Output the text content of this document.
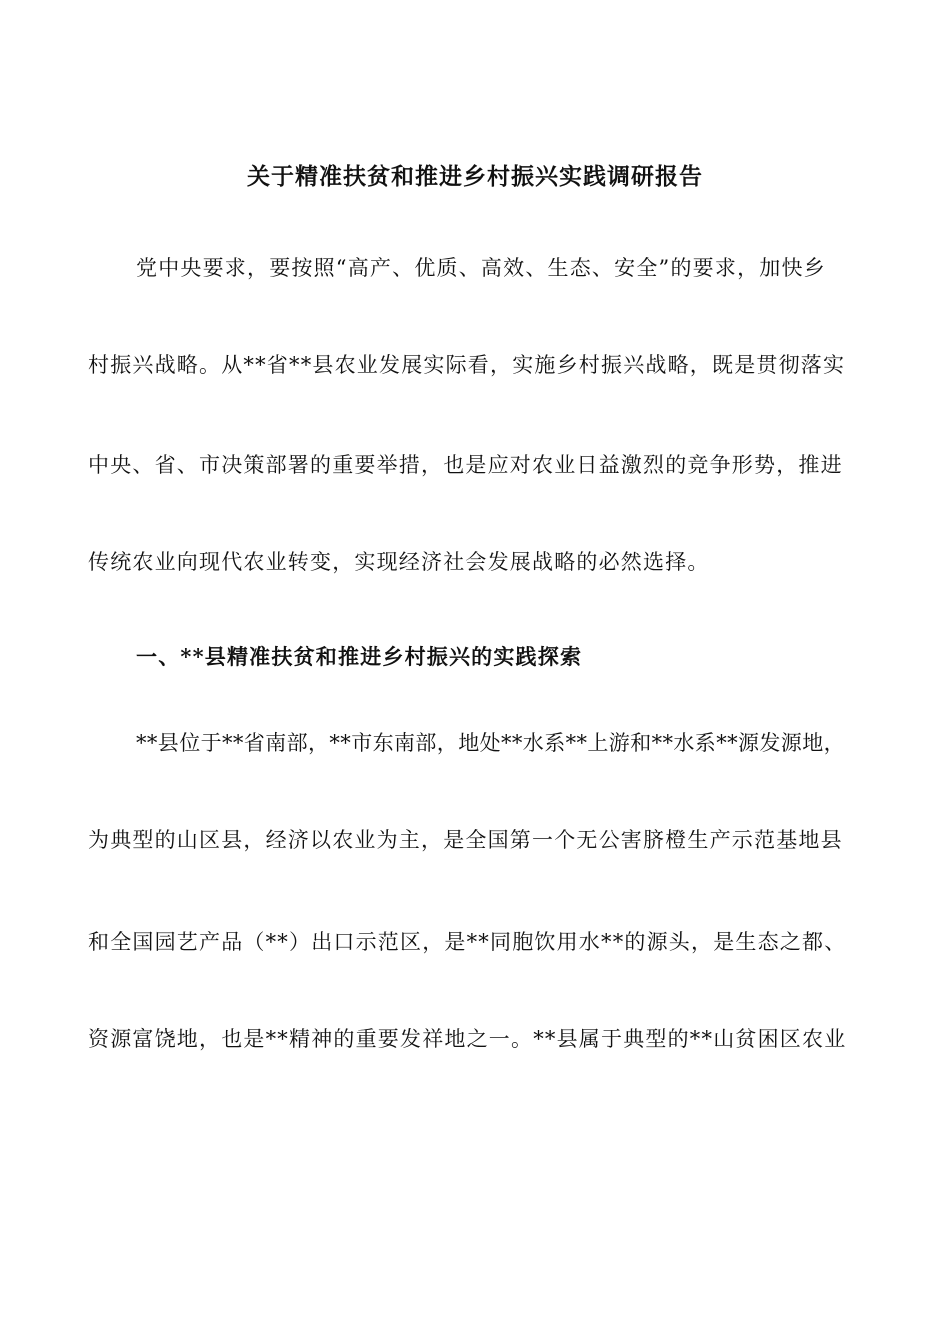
关于精准扶贫和推进乡村振兴实践调研报告
党中央要求，要按照“高产、优质、高效、生态、安全”的要求，加快乡
村振兴战略。从**省**县农业发展实际看，实施乡村振兴战略，既是贯彻落实
中央、省、市决策部署的重要举措，也是应对农业日益激烈的竞争形势，推进
传统农业向现代农业转变，实现经济社会发展战略的必然选择。
一、**县精准扶贫和推进乡村振兴的实践探索
**县位于**省南部，**市东南部，地处**水系**上游和**水系**源发源地，
为典型的山区县，经济以农业为主，是全国第一个无公害脐橙生产示范基地县
和全国园艺产品（**）出口示范区，是**同胞饮用水**的源头，是生态之都、
资源富饶地，也是**精神的重要发祥地之一。**县属于典型的**山贫困区农业
